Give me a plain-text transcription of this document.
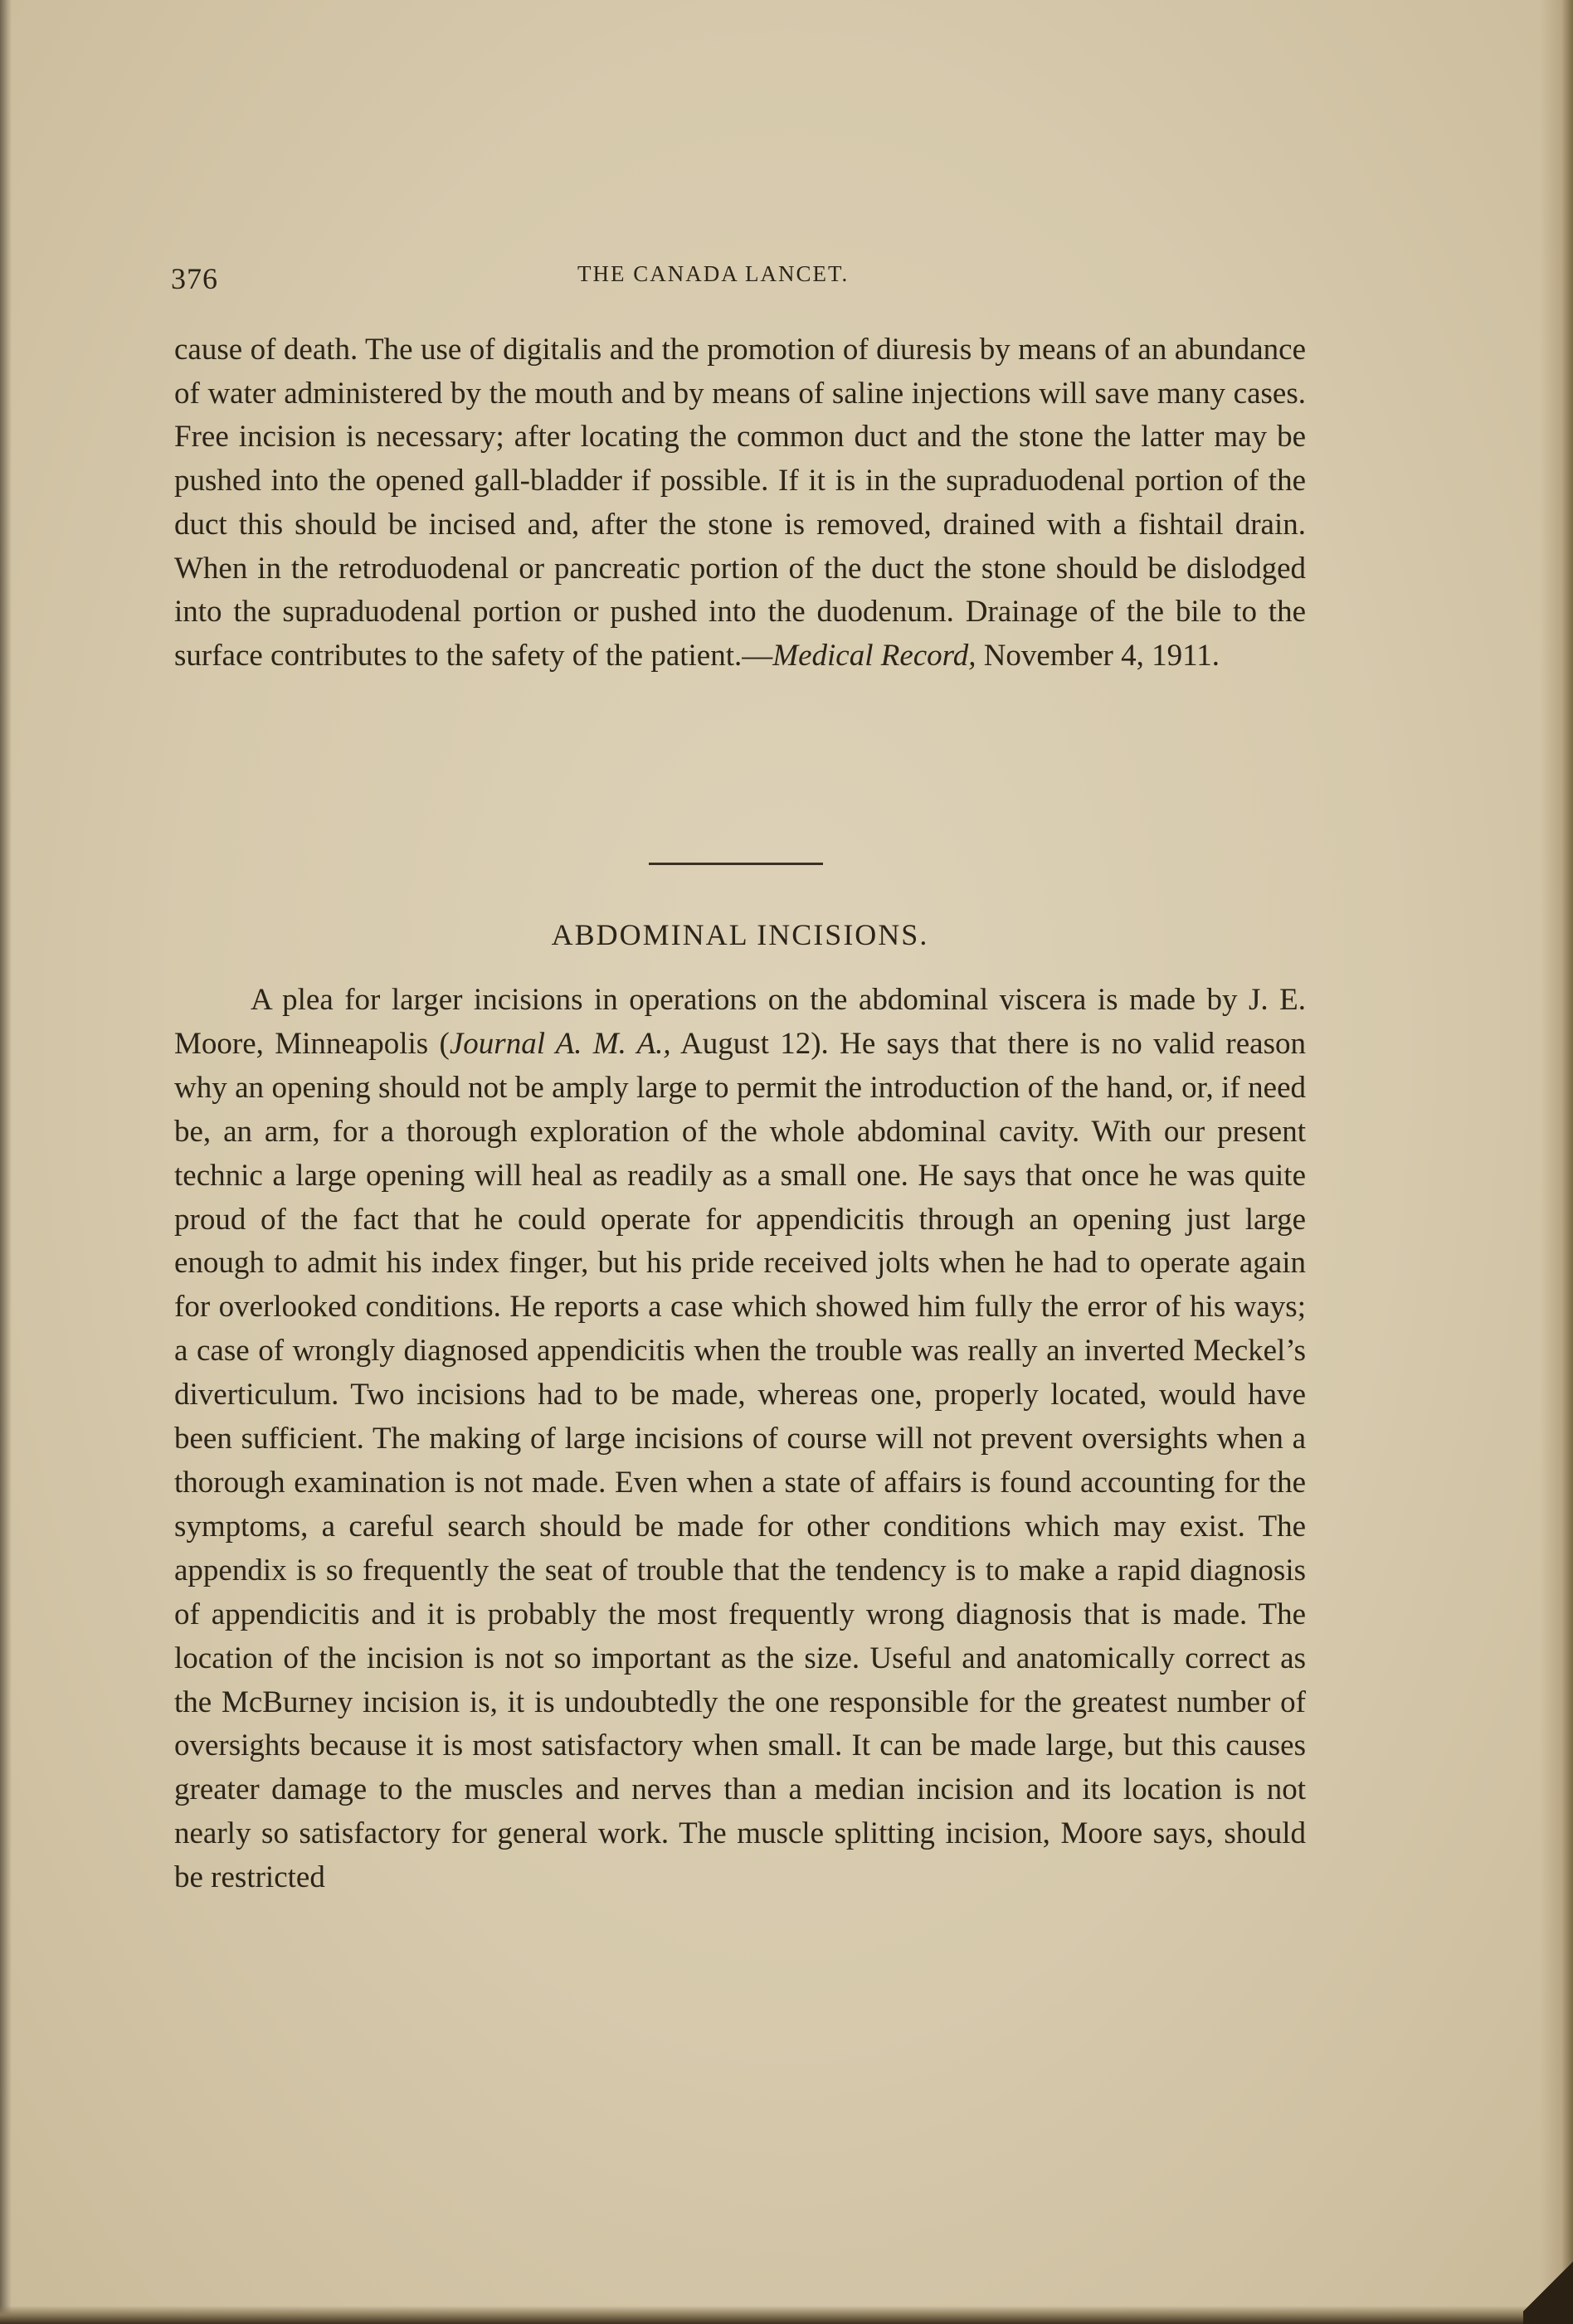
376	THE CANADA LANCET.

cause of death. The use of digitalis and the promotion of diuresis by means of an abundance of water administered by the mouth and by means of saline injections will save many cases. Free incision is necessary; after locating the common duct and the stone the latter may be pushed into the opened gall-bladder if possible. If it is in the supraduodenal portion of the duct this should be incised and, after the stone is removed, drained with a fishtail drain. When in the retroduodenal or pancreatic portion of the duct the stone should be dislodged into the supraduodenal portion or pushed into the duodenum. Drainage of the bile to the surface contributes to the safety of the patient.—Medical Record, November 4, 1911.

ABDOMINAL INCISIONS.

A plea for larger incisions in operations on the abdominal viscera is made by J. E. Moore, Minneapolis (Journal A. M. A., August 12). He says that there is no valid reason why an opening should not be amply large to permit the introduction of the hand, or, if need be, an arm, for a thorough exploration of the whole abdominal cavity. With our present technic a large opening will heal as readily as a small one. He says that once he was quite proud of the fact that he could operate for appendicitis through an opening just large enough to admit his index finger, but his pride received jolts when he had to operate again for overlooked conditions. He reports a case which showed him fully the error of his ways; a case of wrongly diagnosed appendicitis when the trouble was really an inverted Meckel’s diverticulum. Two incisions had to be made, whereas one, properly located, would have been sufficient. The making of large incisions of course will not prevent oversights when a thorough examination is not made. Even when a state of affairs is found accounting for the symptoms, a careful search should be made for other conditions which may exist. The appendix is so frequently the seat of trouble that the tendency is to make a rapid diagnosis of appendicitis and it is probably the most frequently wrong diagnosis that is made. The location of the incision is not so important as the size. Useful and anatomically correct as the McBurney incision is, it is undoubtedly the one responsible for the greatest number of oversights because it is most satisfactory when small. It can be made large, but this causes greater damage to the muscles and nerves than a median incision and its location is not nearly so satisfactory for general work. The muscle splitting incision, Moore says, should be restricted
